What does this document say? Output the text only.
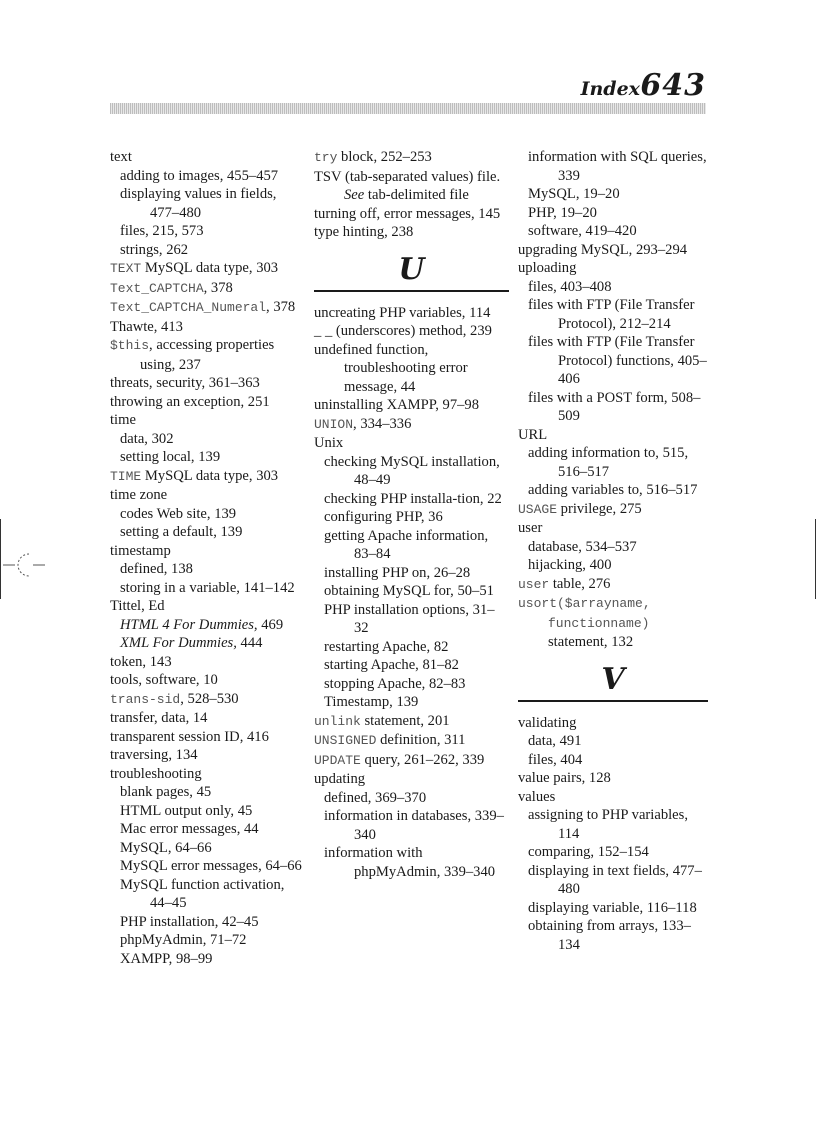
Index 643
text
adding to images, 455–457
displaying values in fields, 477–480
files, 215, 573
strings, 262
TEXT MySQL data type, 303
Text_CAPTCHA, 378
Text_CAPTCHA_Numeral, 378
Thawte, 413
$this, accessing properties using, 237
threats, security, 361–363
throwing an exception, 251
time
data, 302
setting local, 139
TIME MySQL data type, 303
time zone
codes Web site, 139
setting a default, 139
timestamp
defined, 138
storing in a variable, 141–142
Tittel, Ed
HTML 4 For Dummies, 469
XML For Dummies, 444
token, 143
tools, software, 10
trans-sid, 528–530
transfer, data, 14
transparent session ID, 416
traversing, 134
troubleshooting
blank pages, 45
HTML output only, 45
Mac error messages, 44
MySQL, 64–66
MySQL error messages, 64–66
MySQL function activation, 44–45
PHP installation, 42–45
phpMyAdmin, 71–72
XAMPP, 98–99
try block, 252–253
TSV (tab-separated values) file. See tab-delimited file
turning off, error messages, 145
type hinting, 238
U
uncreating PHP variables, 114
_ _ (underscores) method, 239
undefined function, troubleshooting error message, 44
uninstalling XAMPP, 97–98
UNION, 334–336
Unix
checking MySQL installation, 48–49
checking PHP installa-tion, 22
configuring PHP, 36
getting Apache information, 83–84
installing PHP on, 26–28
obtaining MySQL for, 50–51
PHP installation options, 31–32
restarting Apache, 82
starting Apache, 81–82
stopping Apache, 82–83
Timestamp, 139
unlink statement, 201
UNSIGNED definition, 311
UPDATE query, 261–262, 339
updating
defined, 369–370
information in databases, 339–340
information with phpMyAdmin, 339–340
information with SQL queries, 339
MySQL, 19–20
PHP, 19–20
software, 419–420
upgrading MySQL, 293–294
uploading
files, 403–408
files with FTP (File Transfer Protocol), 212–214
files with FTP (File Transfer Protocol) functions, 405–406
files with a POST form, 508–509
URL
adding information to, 515, 516–517
adding variables to, 516–517
USAGE privilege, 275
user
database, 534–537
hijacking, 400
user table, 276
usort($arrayname, functionname) statement, 132
V
validating
data, 491
files, 404
value pairs, 128
values
assigning to PHP variables, 114
comparing, 152–154
displaying in text fields, 477–480
displaying variable, 116–118
obtaining from arrays, 133–134
